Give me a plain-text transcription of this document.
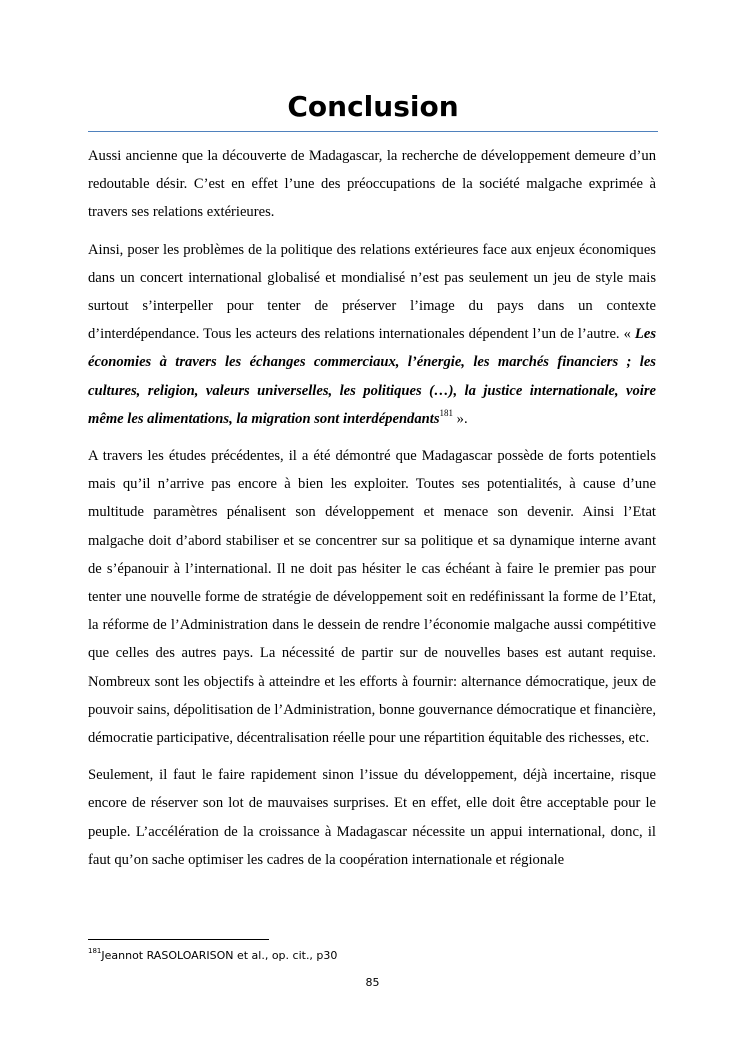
Conclusion

Aussi ancienne que la découverte de Madagascar, la recherche de développement demeure d’un redoutable désir. C’est en effet l’une des préoccupations de la société malgache exprimée à travers ses relations extérieures.

Ainsi, poser les problèmes de la politique des relations extérieures face aux enjeux économiques dans un concert international globalisé et mondialisé n’est pas seulement un jeu de style mais surtout s’interpeller pour tenter de préserver l’image du pays dans un contexte d’interdépendance. Tous les acteurs des relations internationales dépendent l’un de l’autre. « Les économies à travers les échanges commerciaux, l’énergie, les marchés financiers ; les cultures, religion, valeurs universelles, les politiques (…), la justice internationale, voire même les alimentations, la migration sont interdépendants$^{181}$ ».

A travers les études précédentes, il a été démontré que Madagascar possède de forts potentiels mais qu’il n’arrive pas encore à bien les exploiter. Toutes ses potentialités, à cause d’une multitude paramètres pénalisent son développement et menace son devenir. Ainsi l’Etat malgache doit d’abord stabiliser et se concentrer sur sa politique et sa dynamique interne avant de s’épanouir à l’international. Il ne doit pas hésiter le cas échéant à faire le premier pas pour tenter une nouvelle forme de stratégie de développement soit en redéfinissant la forme de l’Etat, la réforme de l’Administration dans le dessein de rendre l’économie malgache aussi compétitive que celles des autres pays. La nécessité de partir sur de nouvelles bases est autant requise. Nombreux sont les objectifs à atteindre et les efforts à fournir: alternance démocratique, jeux de pouvoir sains, dépolitisation de l’Administration, bonne gouvernance démocratique et financière, démocratie participative, décentralisation réelle pour une répartition équitable des richesses, etc.

Seulement, il faut le faire rapidement sinon l’issue du développement, déjà incertaine, risque encore de réserver son lot de mauvaises surprises. Et en effet, elle doit être acceptable pour le peuple. L’accélération de la croissance à Madagascar nécessite un appui international, donc, il faut qu’on sache optimiser les cadres de la coopération internationale et régionale

$^{181}$Jeannot RASOLOARISON et al., op. cit., p30
85
